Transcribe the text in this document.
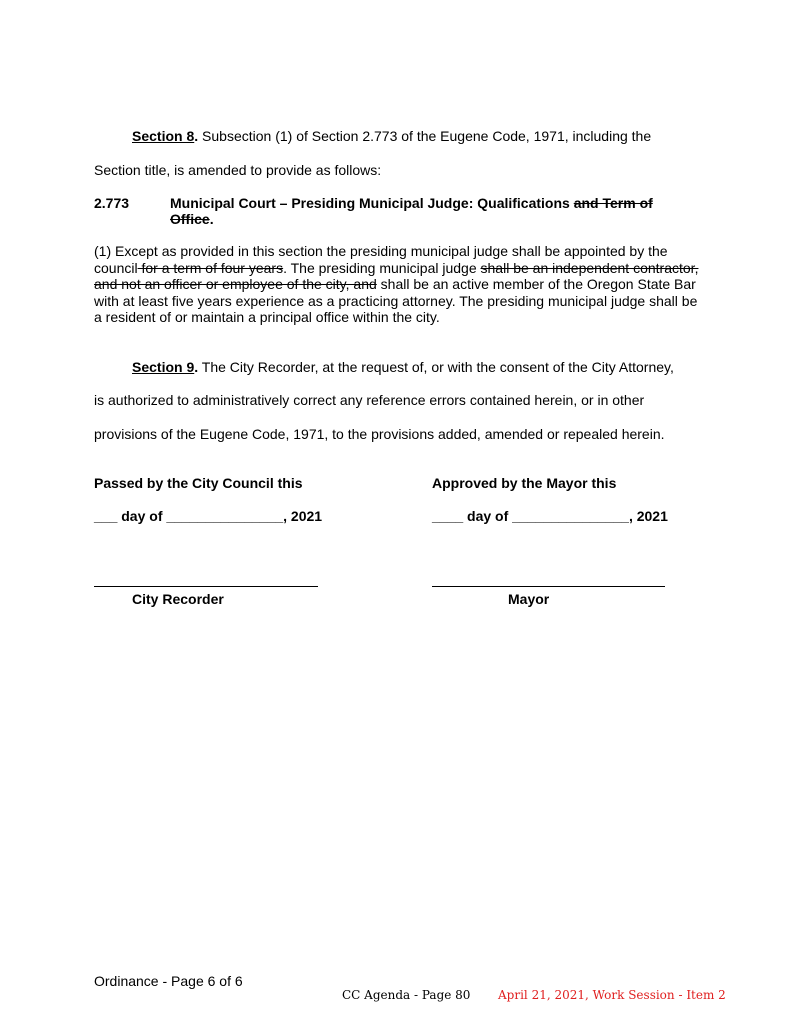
Section 8. Subsection (1) of Section 2.773 of the Eugene Code, 1971, including the
Section title, is amended to provide as follows:
2.773	Municipal Court – Presiding Municipal Judge: Qualifications and Term of
Office.
(1) Except as provided in this section the presiding municipal judge shall be appointed by the council for a term of four years. The presiding municipal judge shall be an independent contractor, and not an officer or employee of the city, and shall be an active member of the Oregon State Bar with at least five years experience as a practicing attorney. The presiding municipal judge shall be a resident of or maintain a principal office within the city.
Section 9. The City Recorder, at the request of, or with the consent of the City Attorney,
is authorized to administratively correct any reference errors contained herein, or in other
provisions of the Eugene Code, 1971, to the provisions added, amended or repealed herein.
Passed by the City Council this	Approved by the Mayor this
___ day of _______________, 2021	____ day of _______________, 2021
City Recorder	Mayor
Ordinance - Page 6 of 6
CC Agenda - Page 80 April 21, 2021, Work Session - Item 2
